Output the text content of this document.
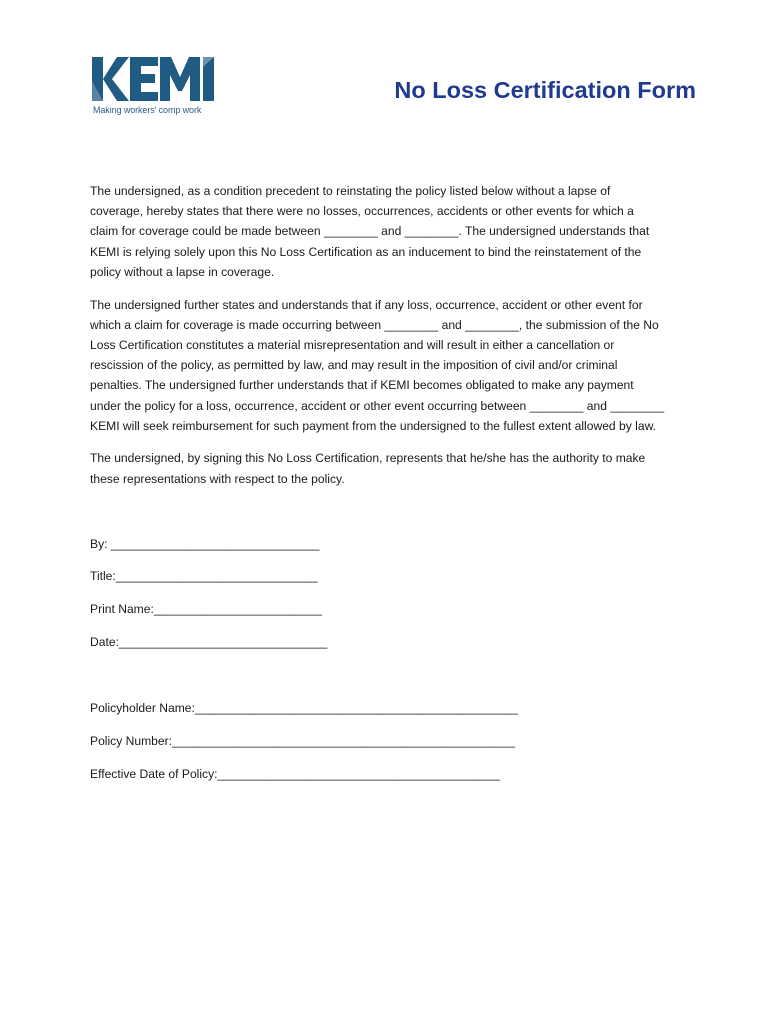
Making workers' comp work
No Loss Certification Form
The undersigned, as a condition precedent to reinstating the policy listed below without a lapse of
coverage, hereby states that there were no losses, occurrences, accidents or other events for which a
claim for coverage could be made between ________ and ________. The undersigned understands that
KEMI is relying solely upon this No Loss Certification as an inducement to bind the reinstatement of the
policy without a lapse in coverage.
The undersigned further states and understands that if any loss, occurrence, accident or other event for
which a claim for coverage is made occurring between ________ and ________, the submission of the No
Loss Certification constitutes a material misrepresentation and will result in either a cancellation or
rescission of the policy, as permitted by law, and may result in the imposition of civil and/or criminal
penalties. The undersigned further understands that if KEMI becomes obligated to make any payment
under the policy for a loss, occurrence, accident or other event occurring between ________ and ________
KEMI will seek reimbursement for such payment from the undersigned to the fullest extent allowed by law.
The undersigned, by signing this No Loss Certification, represents that he/she has the authority to make
these representations with respect to the policy.
By: _______________________________
Title:______________________________
Print Name:_________________________
Date:_______________________________
Policyholder Name:________________________________________________
Policy Number:___________________________________________________
Effective Date of Policy:__________________________________________
